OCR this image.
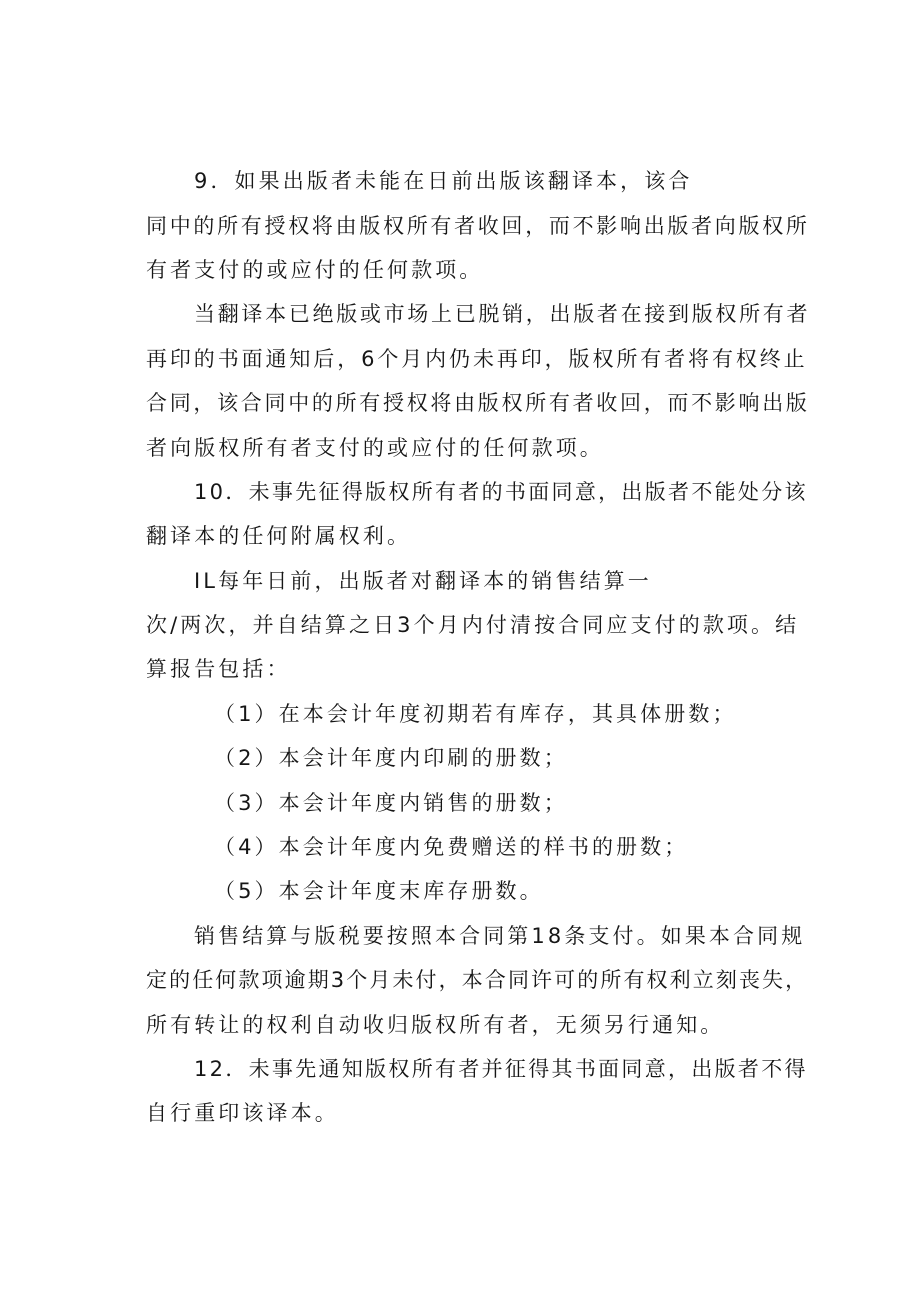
9．如果出版者未能在日前出版该翻译本，该合
同中的所有授权将由版权所有者收回，而不影响出版者向版权所
有者支付的或应付的任何款项。
当翻译本已绝版或市场上已脱销，出版者在接到版权所有者
再印的书面通知后，6个月内仍未再印，版权所有者将有权终止
合同，该合同中的所有授权将由版权所有者收回，而不影响出版
者向版权所有者支付的或应付的任何款项。
10．未事先征得版权所有者的书面同意，出版者不能处分该
翻译本的任何附属权利。
IL每年日前，出版者对翻译本的销售结算一
次/两次，并自结算之日3个月内付清按合同应支付的款项。结
算报告包括：
（1）在本会计年度初期若有库存，其具体册数；
（2）本会计年度内印刷的册数；
（3）本会计年度内销售的册数；
（4）本会计年度内免费赠送的样书的册数；
（5）本会计年度末库存册数。
销售结算与版税要按照本合同第18条支付。如果本合同规
定的任何款项逾期3个月未付，本合同许可的所有权利立刻丧失，
所有转让的权利自动收归版权所有者，无须另行通知。
12．未事先通知版权所有者并征得其书面同意，出版者不得
自行重印该译本。
